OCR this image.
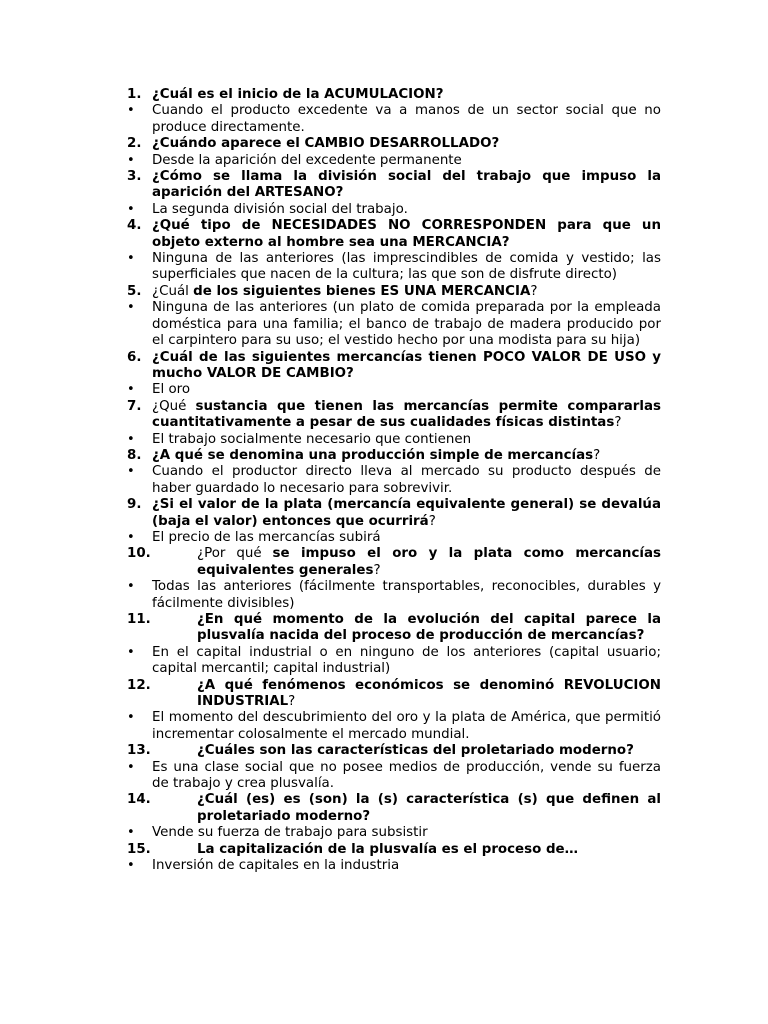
1. ¿Cuál es el inicio de la ACUMULACION?
•	Cuando el producto excedente va a manos de un sector social que no produce directamente.
2. ¿Cuándo aparece el CAMBIO DESARROLLADO?
•	Desde la aparición del excedente permanente
3. ¿Cómo se llama la división social del trabajo que impuso la aparición del ARTESANO?
•	La segunda división social del trabajo.
4. ¿Qué tipo de NECESIDADES NO CORRESPONDEN para que un objeto externo al hombre sea una MERCANCIA?
•	Ninguna de las anteriores (las imprescindibles de comida y vestido; las superficiales que nacen de la cultura; las que son de disfrute directo)
5. ¿Cuál de los siguientes bienes ES UNA MERCANCIA?
•	Ninguna de las anteriores (un plato de comida preparada por la empleada doméstica para una familia; el banco de trabajo de madera producido por el carpintero para su uso; el vestido hecho por una modista para su hija)
6. ¿Cuál de las siguientes mercancías tienen POCO VALOR DE USO y mucho VALOR DE CAMBIO?
•	El oro
7. ¿Qué sustancia que tienen las mercancías permite compararlas cuantitativamente a pesar de sus cualidades físicas distintas?
•	El trabajo socialmente necesario que contienen
8. ¿A qué se denomina una producción simple de mercancías?
•	Cuando el productor directo lleva al mercado su producto después de haber guardado lo necesario para sobrevivir.
9. ¿Si el valor de la plata (mercancía equivalente general) se devalúa (baja el valor) entonces que ocurrirá?
•	El precio de las mercancías subirá
10.	¿Por qué se impuso el oro y la plata como mercancías equivalentes generales?
•	Todas las anteriores (fácilmente transportables, reconocibles, durables y fácilmente divisibles)
11.	¿En qué momento de la evolución del capital parece la plusvalía nacida del proceso de producción de mercancías?
•	En el capital industrial o en ninguno de los anteriores (capital usuario; capital mercantil; capital industrial)
12.	¿A qué fenómenos económicos se denominó REVOLUCION INDUSTRIAL?
•	El momento del descubrimiento del oro y la plata de América, que permitió incrementar colosalmente el mercado mundial.
13.	¿Cuáles son las características del proletariado moderno?
•	Es una clase social que no posee medios de producción, vende su fuerza de trabajo y crea plusvalía.
14.	¿Cuál (es) es (son) la (s) característica (s) que definen al proletariado moderno?
•	Vende su fuerza de trabajo para subsistir
15.	La capitalización de la plusvalía es el proceso de…
•	Inversión de capitales en la industria
